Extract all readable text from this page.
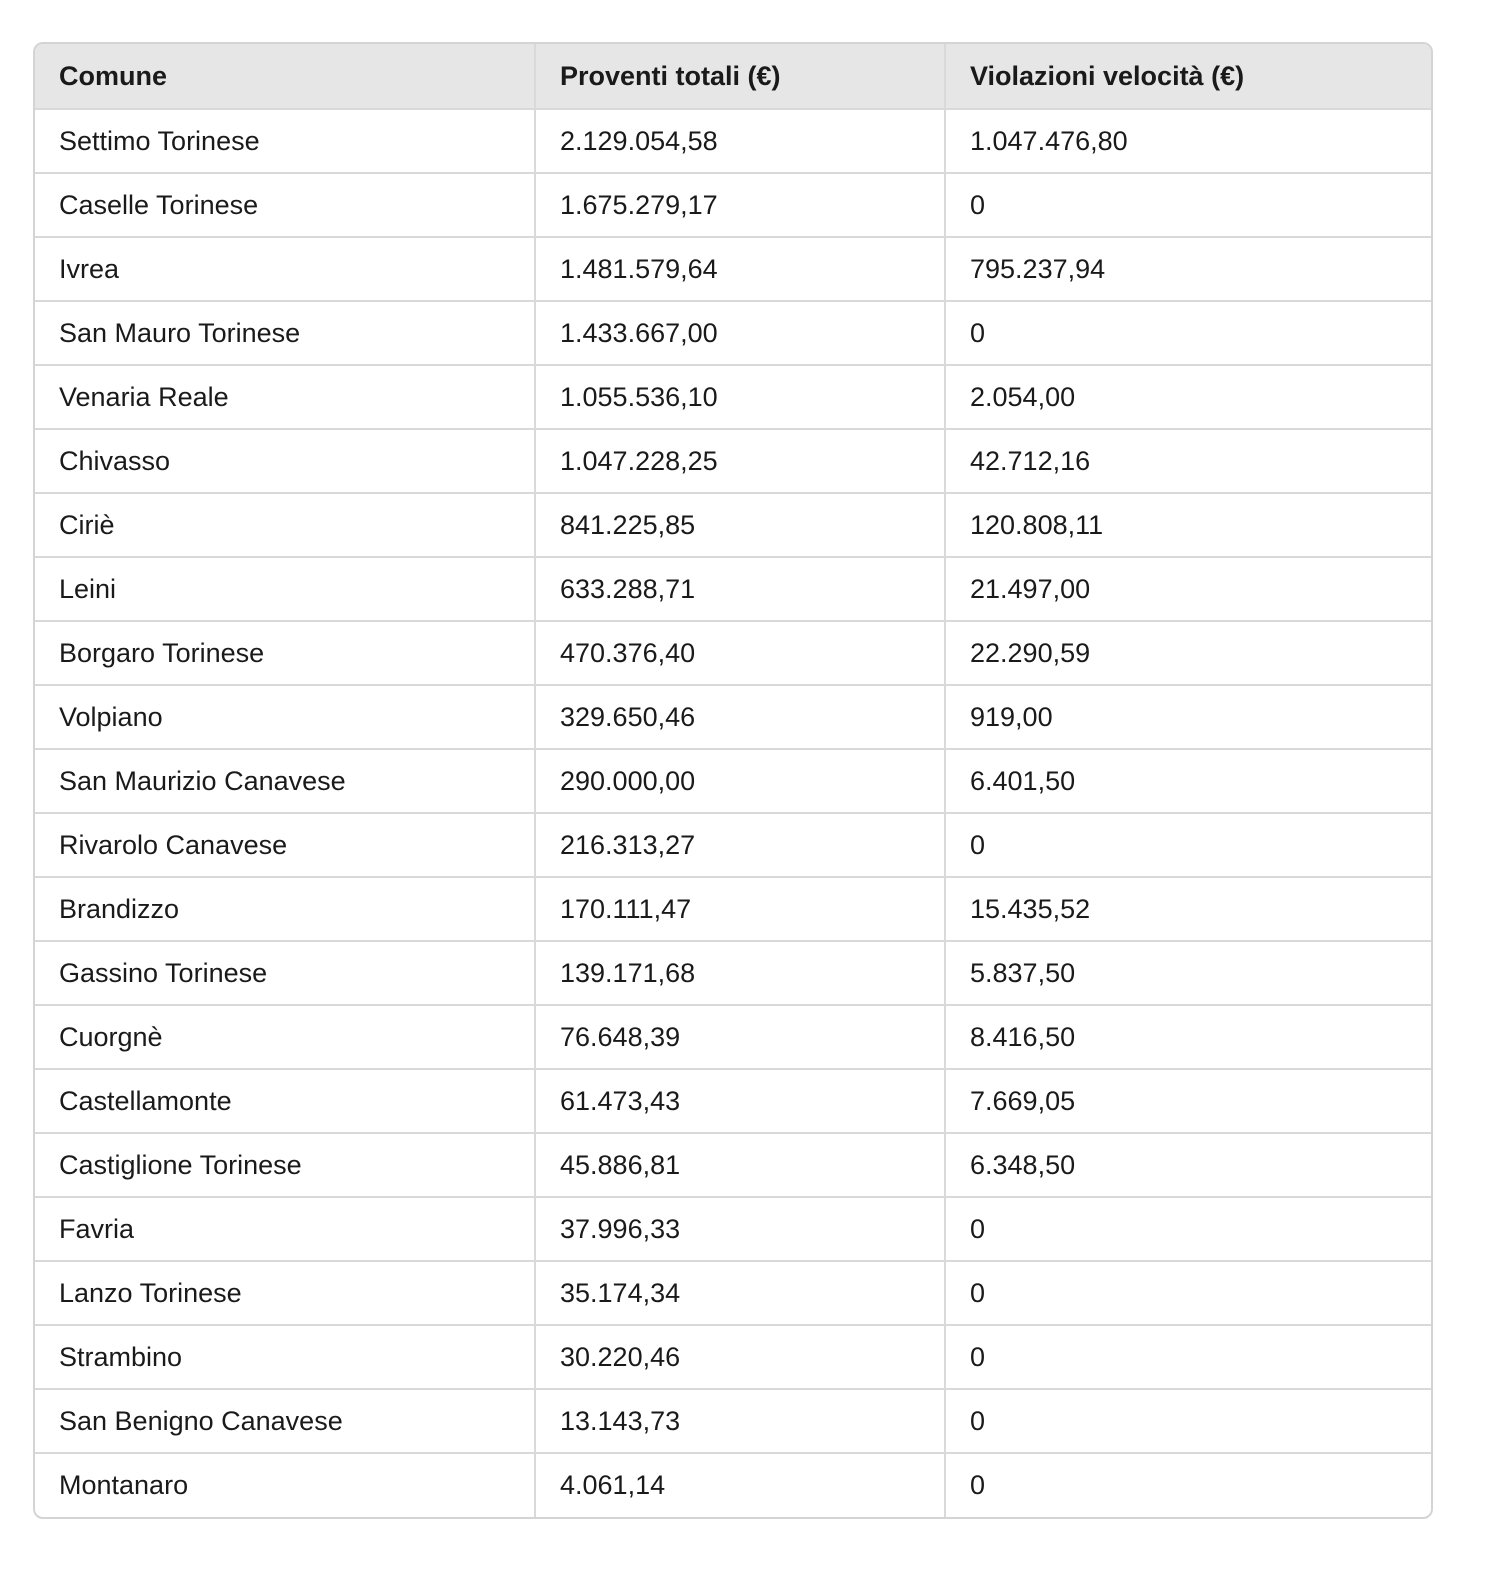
Comune	Proventi totali (€)	Violazioni velocità (€)
Settimo Torinese	2.129.054,58	1.047.476,80
Caselle Torinese	1.675.279,17	0
Ivrea	1.481.579,64	795.237,94
San Mauro Torinese	1.433.667,00	0
Venaria Reale	1.055.536,10	2.054,00
Chivasso	1.047.228,25	42.712,16
Ciriè	841.225,85	120.808,11
Leini	633.288,71	21.497,00
Borgaro Torinese	470.376,40	22.290,59
Volpiano	329.650,46	919,00
San Maurizio Canavese	290.000,00	6.401,50
Rivarolo Canavese	216.313,27	0
Brandizzo	170.111,47	15.435,52
Gassino Torinese	139.171,68	5.837,50
Cuorgnè	76.648,39	8.416,50
Castellamonte	61.473,43	7.669,05
Castiglione Torinese	45.886,81	6.348,50
Favria	37.996,33	0
Lanzo Torinese	35.174,34	0
Strambino	30.220,46	0
San Benigno Canavese	13.143,73	0
Montanaro	4.061,14	0
